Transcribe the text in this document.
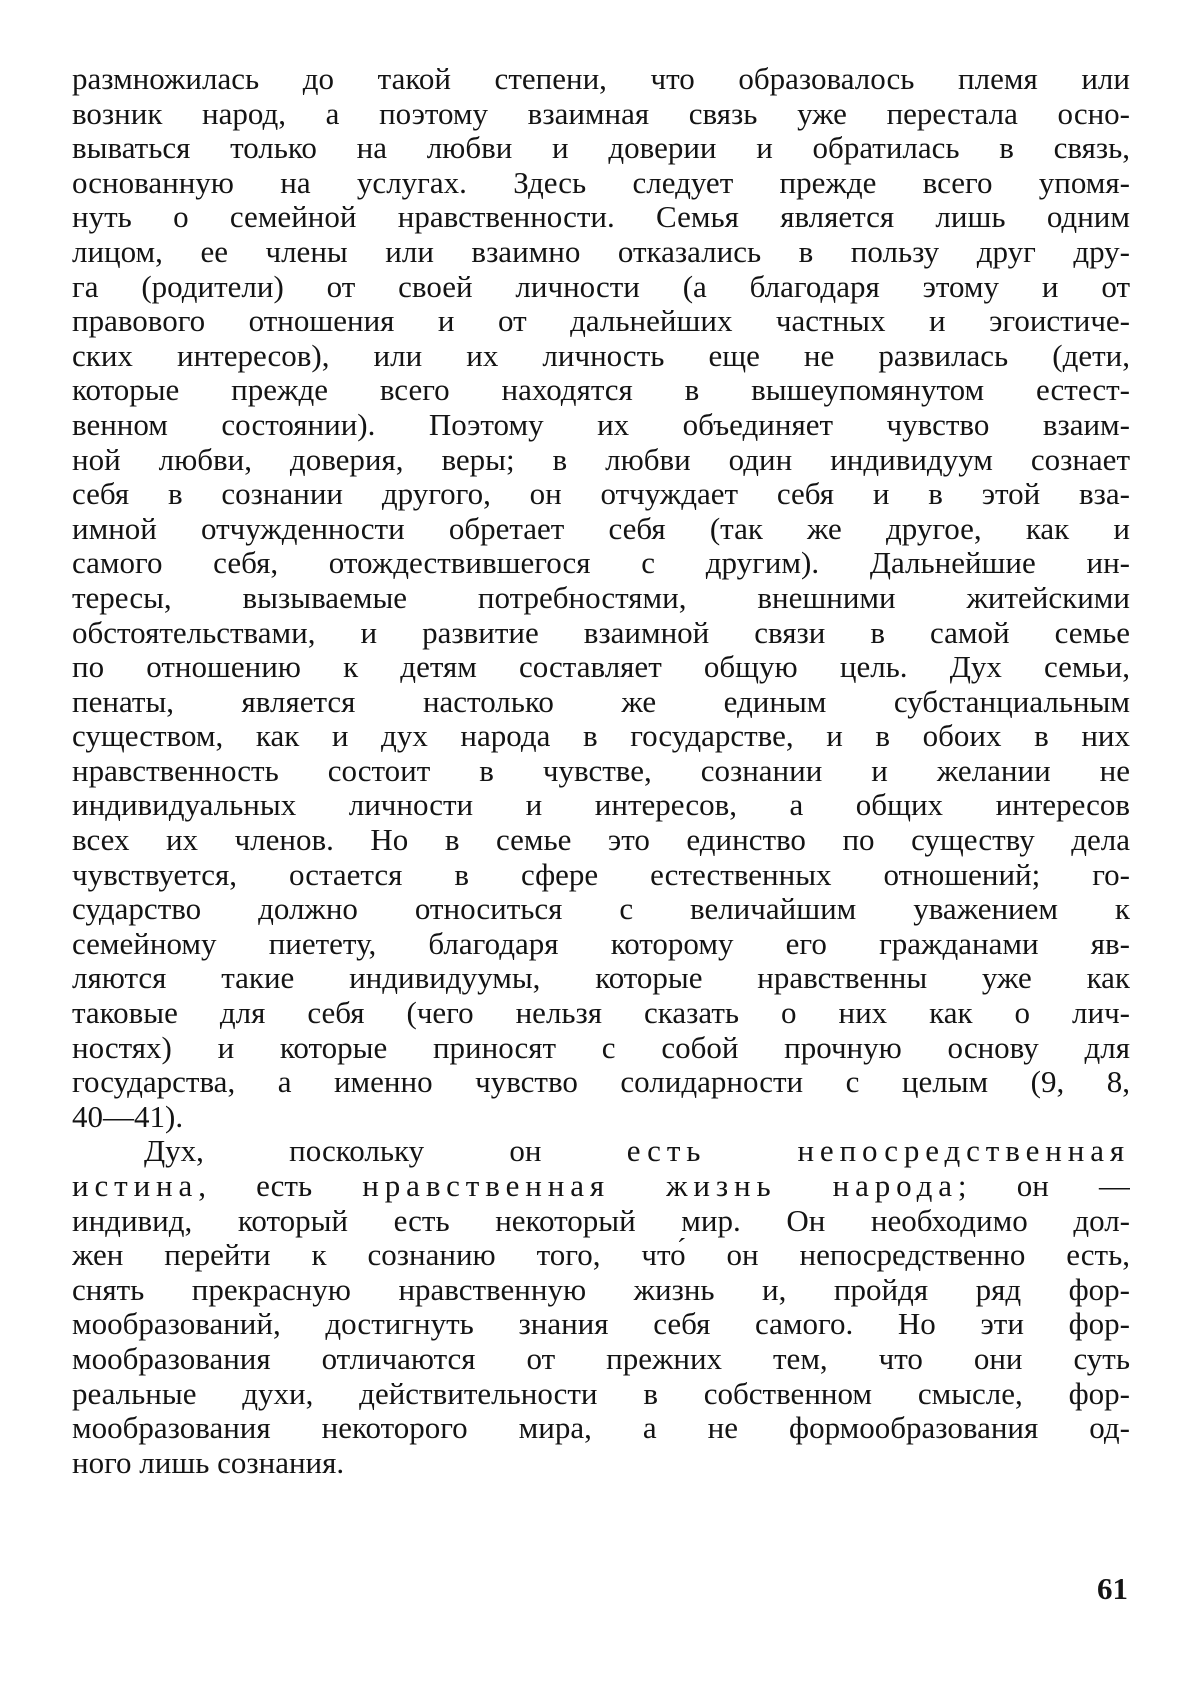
размножилась до такой степени, что образовалось племя или
возник народ, а поэтому взаимная связь уже перестала осно-
вываться только на любви и доверии и обратилась в связь,
основанную на услугах. Здесь следует прежде всего упомя-
нуть о семейной нравственности. Семья является лишь одним
лицом, ее члены или взаимно отказались в пользу друг дру-
га (родители) от своей личности (а благодаря этому и от
правового отношения и от дальнейших частных и эгоистиче-
ских интересов), или их личность еще не развилась (дети,
которые прежде всего находятся в вышеупомянутом естест-
венном состоянии). Поэтому их объединяет чувство взаим-
ной любви, доверия, веры; в любви один индивидуум сознает
себя в сознании другого, он отчуждает себя и в этой вза-
имной отчужденности обретает себя (так же другое, как и
самого себя, отождествившегося с другим). Дальнейшие ин-
тересы, вызываемые потребностями, внешними житейскими
обстоятельствами, и развитие взаимной связи в самой семье
по отношению к детям составляет общую цель. Дух семьи,
пенаты, является настолько же единым субстанциальным
существом, как и дух народа в государстве, и в обоих в них
нравственность состоит в чувстве, сознании и желании не
индивидуальных личности и интересов, а общих интересов
всех их членов. Но в семье это единство по существу дела
чувствуется, остается в сфере естественных отношений; го-
сударство должно относиться с величайшим уважением к
семейному пиетету, благодаря которому его гражданами яв-
ляются такие индивидуумы, которые нравственны уже как
таковые для себя (чего нельзя сказать о них как о лич-
ностях) и которые приносят с собой прочную основу для
государства, а именно чувство солидарности с целым (9, 8,
40—41).
Дух, поскольку он есть непосредственная
истина, есть нравственная жизнь народа; он —
индивид, который есть некоторый мир. Он необходимо дол-
жен перейти к сознанию того, что́ он непосредственно есть,
снять прекрасную нравственную жизнь и, пройдя ряд фор-
мообразований, достигнуть знания себя самого. Но эти фор-
мообразования отличаются от прежних тем, что они суть
реальные духи, действительности в собственном смысле, фор-
мообразования некоторого мира, а не формообразования од-
ного лишь сознания.
61
